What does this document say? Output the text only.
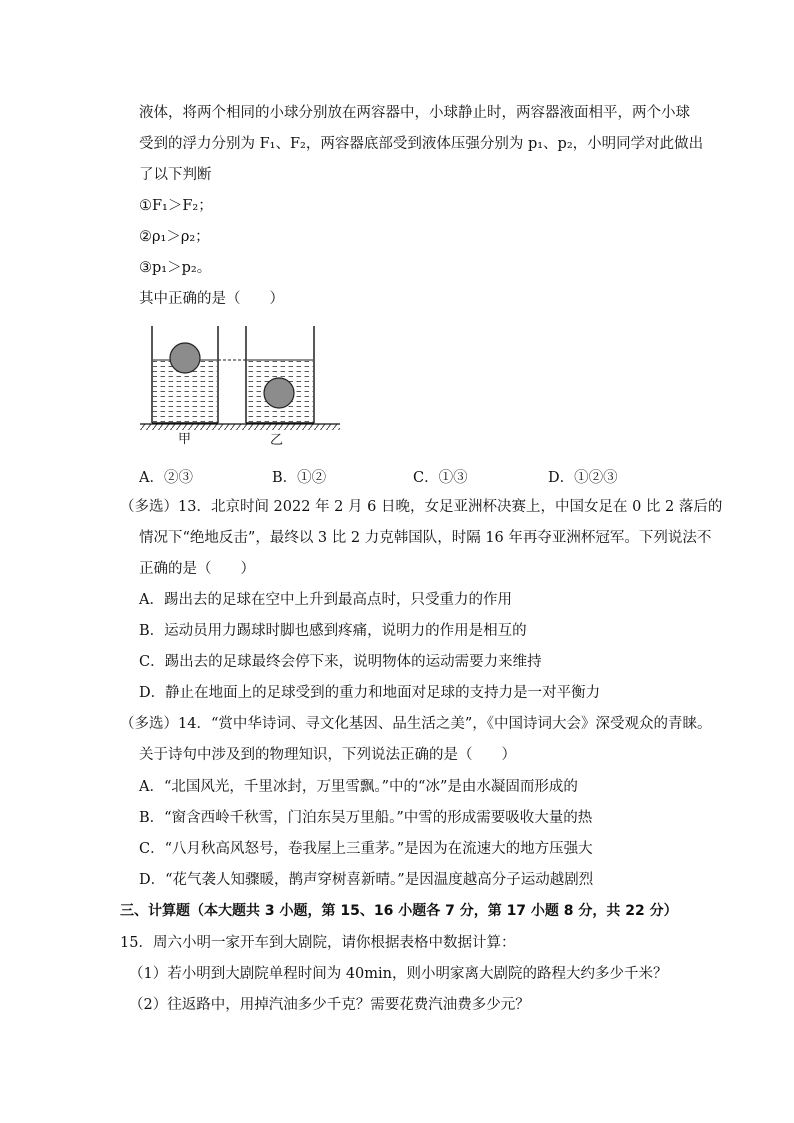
液体，将两个相同的小球分别放在两容器中，小球静止时，两容器液面相平，两个小球
受到的浮力分别为 F₁、F₂，两容器底部受到液体压强分别为 p₁、p₂，小明同学对此做出
了以下判断
①F₁＞F₂；
②ρ₁＞ρ₂；
③p₁＞p₂。
其中正确的是（　　）
甲	乙
A．②③	B．①②	C．①③	D．①②③
（多选）13．北京时间 2022 年 2 月 6 日晚，女足亚洲杯决赛上，中国女足在 0 比 2 落后的
情况下“绝地反击”，最终以 3 比 2 力克韩国队，时隔 16 年再夺亚洲杯冠军。下列说法不
正确的是（　　）
A．踢出去的足球在空中上升到最高点时，只受重力的作用
B．运动员用力踢球时脚也感到疼痛，说明力的作用是相互的
C．踢出去的足球最终会停下来，说明物体的运动需要力来维持
D．静止在地面上的足球受到的重力和地面对足球的支持力是一对平衡力
（多选）14．“赏中华诗词、寻文化基因、品生活之美”，《中国诗词大会》深受观众的青睐。
关于诗句中涉及到的物理知识，下列说法正确的是（　　）
A．“北国风光，千里冰封，万里雪飘。”中的“冰”是由水凝固而形成的
B．“窗含西岭千秋雪，门泊东吴万里船。”中雪的形成需要吸收大量的热
C．“八月秋高风怒号，卷我屋上三重茅。”是因为在流速大的地方压强大
D．“花气袭人知骤暖，鹊声穿树喜新晴。”是因温度越高分子运动越剧烈
三、计算题（本大题共 3 小题，第 15、16 小题各 7 分，第 17 小题 8 分，共 22 分）
15．周六小明一家开车到大剧院，请你根据表格中数据计算：
（1）若小明到大剧院单程时间为 40min，则小明家离大剧院的路程大约多少千米？
（2）往返路中，用掉汽油多少千克？需要花费汽油费多少元？
